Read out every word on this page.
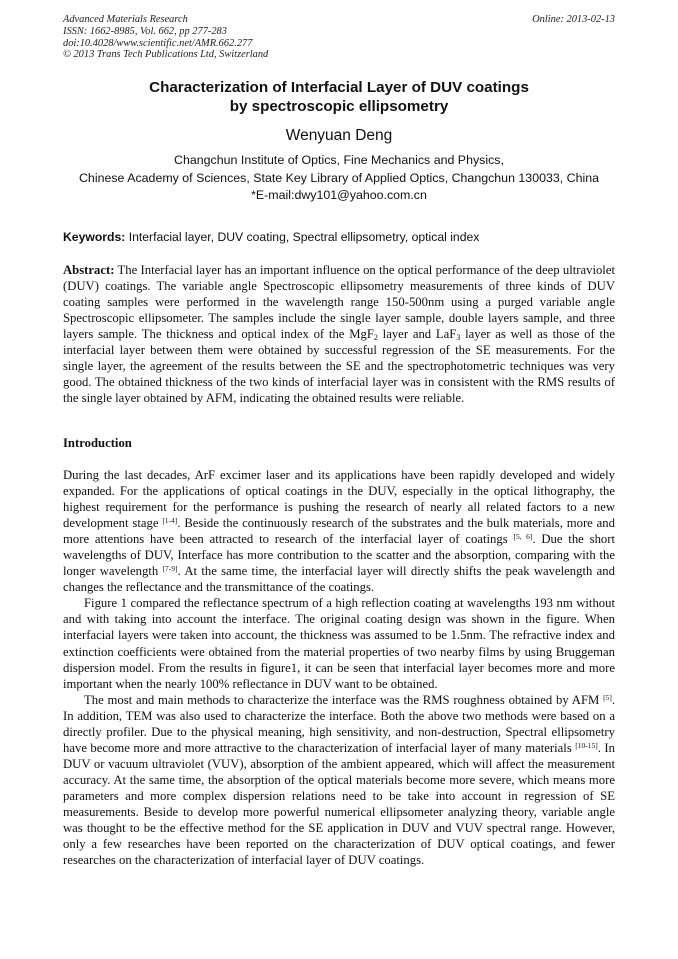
Advanced Materials Research
ISSN: 1662-8985, Vol. 662, pp 277-283
doi:10.4028/www.scientific.net/AMR.662.277
© 2013 Trans Tech Publications Ltd, Switzerland
Online: 2013-02-13
Characterization of Interfacial Layer of DUV coatings
by spectroscopic ellipsometry
Wenyuan Deng
Changchun Institute of Optics, Fine Mechanics and Physics,
Chinese Academy of Sciences, State Key Library of Applied Optics, Changchun 130033, China
*E-mail:dwy101@yahoo.com.cn
Keywords: Interfacial layer, DUV coating, Spectral ellipsometry, optical index
Abstract: The Interfacial layer has an important influence on the optical performance of the deep ultraviolet (DUV) coatings. The variable angle Spectroscopic ellipsometry measurements of three kinds of DUV coating samples were performed in the wavelength range 150-500nm using a purged variable angle Spectroscopic ellipsometer. The samples include the single layer sample, double layers sample, and three layers sample. The thickness and optical index of the MgF$_2$ layer and LaF$_3$ layer as well as those of the interfacial layer between them were obtained by successful regression of the SE measurements. For the single layer, the agreement of the results between the SE and the spectrophotometric techniques was very good. The obtained thickness of the two kinds of interfacial layer was in consistent with the RMS results of the single layer obtained by AFM, indicating the obtained results were reliable.
Introduction

During the last decades, ArF excimer laser and its applications have been rapidly developed and widely expanded. For the applications of optical coatings in the DUV, especially in the optical lithography, the highest requirement for the performance is pushing the research of nearly all related factors to a new development stage [1-4]. Beside the continuously research of the substrates and the bulk materials, more and more attentions have been attracted to research of the interfacial layer of coatings [5, 6]. Due the short wavelengths of DUV, Interface has more contribution to the scatter and the absorption, comparing with the longer wavelength [7-9]. At the same time, the interfacial layer will directly shifts the peak wavelength and changes the reflectance and the transmittance of the coatings.

Figure 1 compared the reflectance spectrum of a high reflection coating at wavelengths 193 nm without and with taking into account the interface. The original coating design was shown in the figure. When interfacial layers were taken into account, the thickness was assumed to be 1.5nm. The refractive index and extinction coefficients were obtained from the material properties of two nearby films by using Bruggeman dispersion model. From the results in figure1, it can be seen that interfacial layer becomes more and more important when the nearly 100% reflectance in DUV want to be obtained.

The most and main methods to characterize the interface was the RMS roughness obtained by AFM [5]. In addition, TEM was also used to characterize the interface. Both the above two methods were based on a directly profiler. Due to the physical meaning, high sensitivity, and non-destruction, Spectral ellipsometry have become more and more attractive to the characterization of interfacial layer of many materials [10-15]. In DUV or vacuum ultraviolet (VUV), absorption of the ambient appeared, which will affect the measurement accuracy. At the same time, the absorption of the optical materials become more severe, which means more parameters and more complex dispersion relations need to be take into account in regression of SE measurements. Beside to develop more powerful numerical ellipsometer analyzing theory, variable angle was thought to be the effective method for the SE application in DUV and VUV spectral range. However, only a few researches have been reported on the characterization of DUV optical coatings, and fewer researches on the characterization of interfacial layer of DUV coatings.
